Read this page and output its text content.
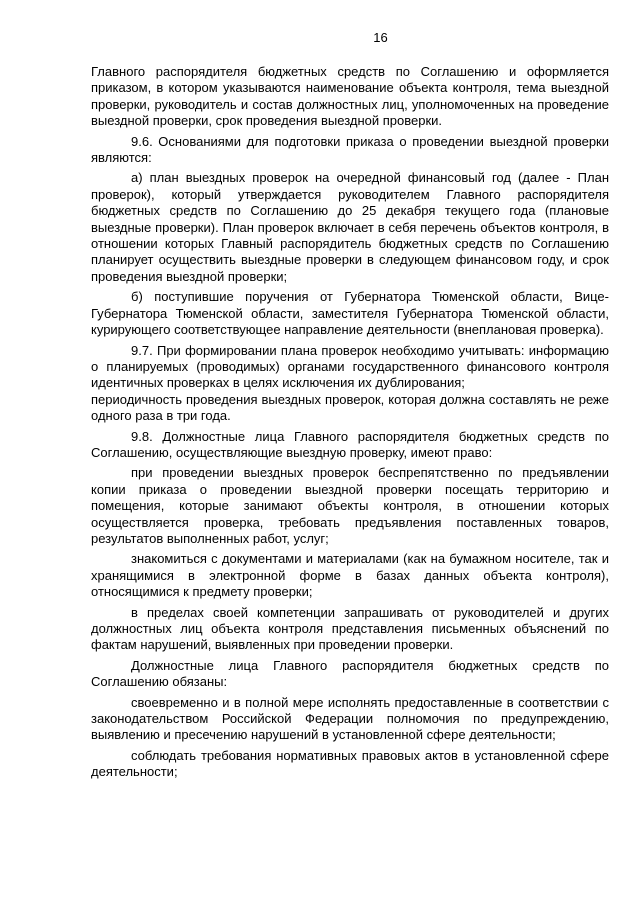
16

Главного распорядителя бюджетных средств по Соглашению и оформляется приказом, в котором указываются наименование объекта контроля, тема выездной проверки, руководитель и состав должностных лиц, уполномоченных на проведение выездной проверки, срок проведения выездной проверки.

9.6. Основаниями для подготовки приказа о проведении выездной проверки являются:

а) план выездных проверок на очередной финансовый год (далее - План проверок), который утверждается руководителем Главного распорядителя бюджетных средств по Соглашению до 25 декабря текущего года (плановые выездные проверки). План проверок включает в себя перечень объектов контроля, в отношении которых Главный распорядитель бюджетных средств по Соглашению планирует осуществить выездные проверки в следующем финансовом году, и срок проведения выездной проверки;

б) поступившие поручения от Губернатора Тюменской области, Вице-Губернатора Тюменской области, заместителя Губернатора Тюменской области, курирующего соответствующее направление деятельности (внеплановая проверка).

9.7. При формировании плана проверок необходимо учитывать: информацию о планируемых (проводимых) органами государственного финансового контроля идентичных проверках в целях исключения их дублирования;

периодичность проведения выездных проверок, которая должна составлять не реже одного раза в три года.

9.8. Должностные лица Главного распорядителя бюджетных средств по Соглашению, осуществляющие выездную проверку, имеют право:

при проведении выездных проверок беспрепятственно по предъявлении копии приказа о проведении выездной проверки посещать территорию и помещения, которые занимают объекты контроля, в отношении которых осуществляется проверка, требовать предъявления поставленных товаров, результатов выполненных работ, услуг;

знакомиться с документами и материалами (как на бумажном носителе, так и хранящимися в электронной форме в базах данных объекта контроля), относящимися к предмету проверки;

в пределах своей компетенции запрашивать от руководителей и других должностных лиц объекта контроля представления письменных объяснений по фактам нарушений, выявленных при проведении проверки.

Должностные лица Главного распорядителя бюджетных средств по Соглашению обязаны:

своевременно и в полной мере исполнять предоставленные в соответствии с законодательством Российской Федерации полномочия по предупреждению, выявлению и пресечению нарушений в установленной сфере деятельности;

соблюдать требования нормативных правовых актов в установленной сфере деятельности;
